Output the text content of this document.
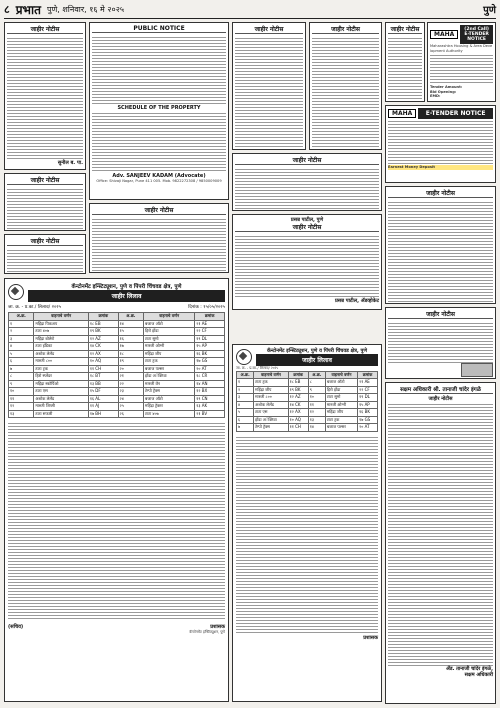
८ प्रभात पुणे, शनिवार, १६ मे २०२५	पुणे
जाहीर नोटीस
सुनील ब. पा.
जाहीर नोटीस
जाहीर नोटीस
PUBLIC NOTICE
SCHEDULE OF THE PROPERTY
Adv. SANJEEV KADAM (Advocate)
Office: Shivaji Nagar, Pune 411 005. Mob. 9822272308 / 9850009009
जाहीर नोटीस
कॅन्टोनमेंट इन्स्टिट्यूशन, पुणे व पिंपरी चिंचवड क्षेत्र, पुणे
जाहीर लिलाव
जा. क्र. - प्र.का./ लिलाव/ २०२५	दिनांक : १५/०५/२०२५
अ.क्र.	वाहनाचे वर्णन	क्रमांक	अ.क्र.	वाहनाचे वर्णन	क्रमांक
१	महिंद्रा पिकअप	१८ EB	१४	बजाज ऑटो	२१ AE
२	टाटा ४०७	१९ BK	१५	हिरो होंडा	२२ CF
३	महिंद्रा बोलेरो	१२ AZ	१६	टाटा सुमो	१९ DL
४	टाटा इंडिका	१४ CK	१७	मारुती ओम्नी	१५ AP
५	अशोक लेलँड	१२ AX	१८	महिंद्रा जीप	१६ BK
६	मारुती ८००	१० AQ	१९	टाटा ट्रक	१७ GS
७	टाटा ट्रक	११ CH	२०	बजाज पल्सर	२० AT
८	हिरो स्प्लेंडर	१८ BT	२१	होंडा अॅक्टिवा	१८ CR
९	महिंद्रा स्कॉर्पिओ	१३ BB	२२	मारुती वॅन	१४ AN
१०	टाटा एस	१५ DF	२३	टेम्पो ट्रॅक्स	१२ BX
११	अशोक लेलँड	१६ AL	२४	बजाज ऑटो	१९ CN
१२	मारुती जिप्सी	११ AJ	२५	महिंद्रा ट्रॅक्टर	१३ AK
१३	टाटा सफारी	१७ BH	२६	टाटा ४०७	२१ BV
(सचिव)	प्रशासक
कॅन्टोनमेंट इन्स्टिट्यूशन, पुणे
जाहीर नोटीस	जाहीर नोटीस
जाहीर नोटीस
प्रसन्न पाटील, पुणे
जाहीर नोटीस
प्रसन्न पाटील, ॲडव्होकेट
कॅन्टोनमेंट इन्स्टिट्यूशन, पुणे व पिंपरी चिंचवड क्षेत्र, पुणे
जाहीर लिलाव
जा. क्र. - प्र.का./ लिलाव/ २०२५
अ.क्र.	वाहनाचे वर्णन	क्रमांक	अ.क्र.	वाहनाचे वर्णन	क्रमांक
१	टाटा ट्रक	१८ EB	८	बजाज ऑटो	२१ AE
२	महिंद्रा जीप	१९ BK	९	हिरो होंडा	२२ CF
३	मारुती ८००	१२ AZ	१०	टाटा सुमो	१९ DL
४	अशोक लेलँड	१४ CK	११	मारुती ओम्नी	१५ AP
५	टाटा एस	१२ AX	१२	महिंद्रा जीप	१६ BK
६	होंडा अॅक्टिवा	१० AQ	१३	टाटा ट्रक	१७ GS
७	टेम्पो ट्रॅक्स	११ CH	१४	बजाज पल्सर	२० AT
प्रशासक
जाहीर नोटीस
MAHA
(2nd Call) E-TENDER NOTICE
Maharashtra Housing & Area Development Authority
Tender Amount:
Bid Opening:
EMD:
MAHA	E-TENDER NOTICE
Earnest Money Deposit
जाहीर नोटीस
जाहीर नोटीस
सक्षम अधिकारी श्री. तानाजी चांदेर इंगळे
जाहीर नोटीस
ॲड. तानाजी चांदेर इंगळे,
सक्षम अधिकारी
